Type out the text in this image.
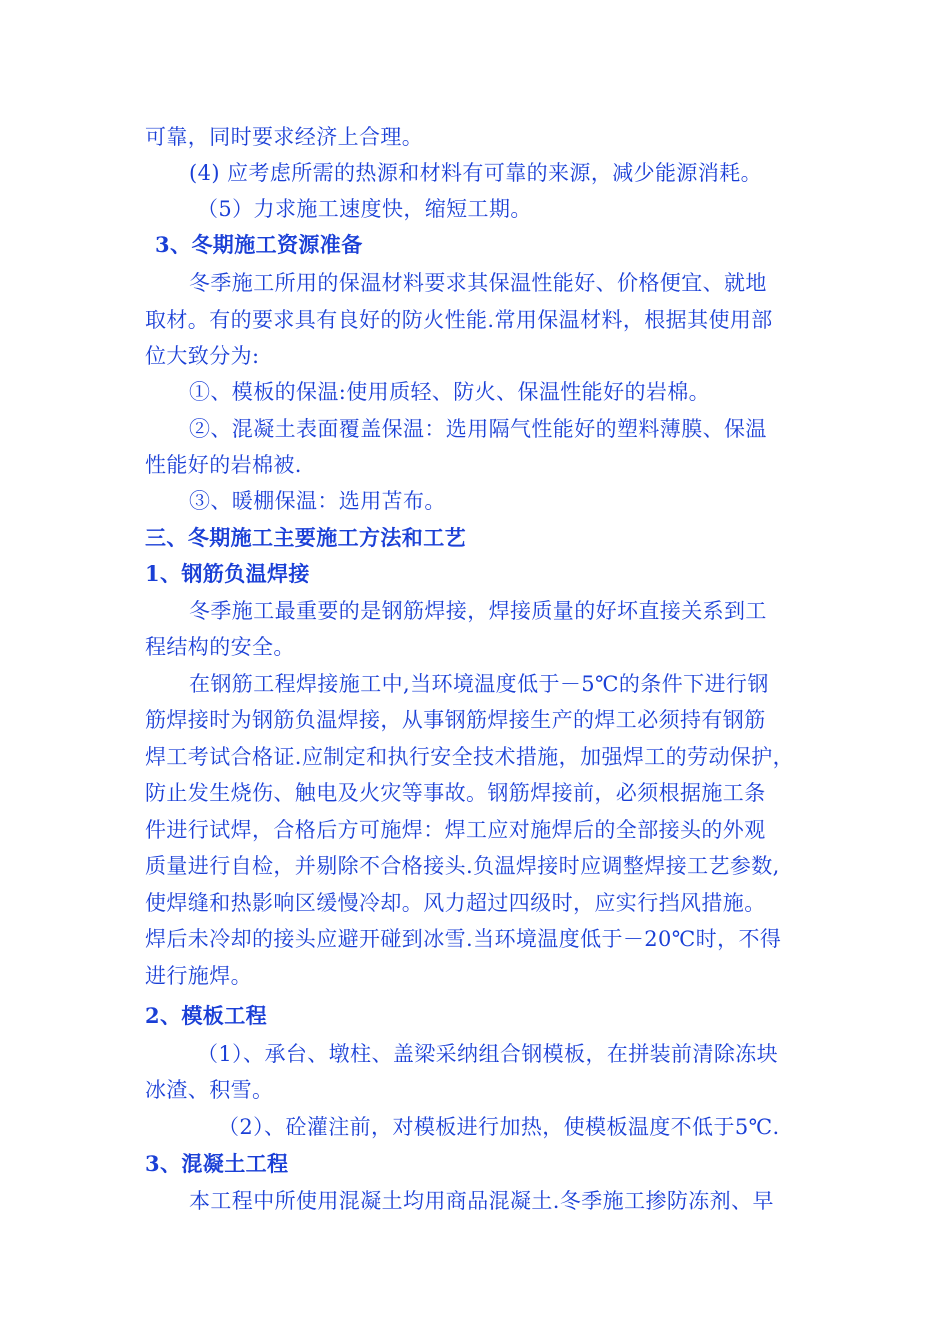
可靠，同时要求经济上合理。
(4) 应考虑所需的热源和材料有可靠的来源，减少能源消耗。
（5）力求施工速度快，缩短工期。
3、冬期施工资源准备
冬季施工所用的保温材料要求其保温性能好、价格便宜、就地
取材。有的要求具有良好的防火性能.常用保温材料，根据其使用部
位大致分为:
①、模板的保温:使用质轻、防火、保温性能好的岩棉。
②、混凝土表面覆盖保温：选用隔气性能好的塑料薄膜、保温
性能好的岩棉被.
③、暖棚保温：选用苫布。
三、冬期施工主要施工方法和工艺
1、钢筋负温焊接
冬季施工最重要的是钢筋焊接，焊接质量的好坏直接关系到工
程结构的安全。
在钢筋工程焊接施工中,当环境温度低于－5℃的条件下进行钢
筋焊接时为钢筋负温焊接，从事钢筋焊接生产的焊工必须持有钢筋
焊工考试合格证.应制定和执行安全技术措施，加强焊工的劳动保护，
防止发生烧伤、触电及火灾等事故。钢筋焊接前，必须根据施工条
件进行试焊，合格后方可施焊：焊工应对施焊后的全部接头的外观
质量进行自检，并剔除不合格接头.负温焊接时应调整焊接工艺参数,
使焊缝和热影响区缓慢冷却。风力超过四级时，应实行挡风措施。
焊后未冷却的接头应避开碰到冰雪.当环境温度低于－20℃时，不得
进行施焊。
2、模板工程
（1）、承台、墩柱、盖梁采纳组合钢模板，在拼装前清除冻块
冰渣、积雪。
（2）、砼灌注前，对模板进行加热，使模板温度不低于5℃.
3、混凝土工程
本工程中所使用混凝土均用商品混凝土.冬季施工掺防冻剂、早
